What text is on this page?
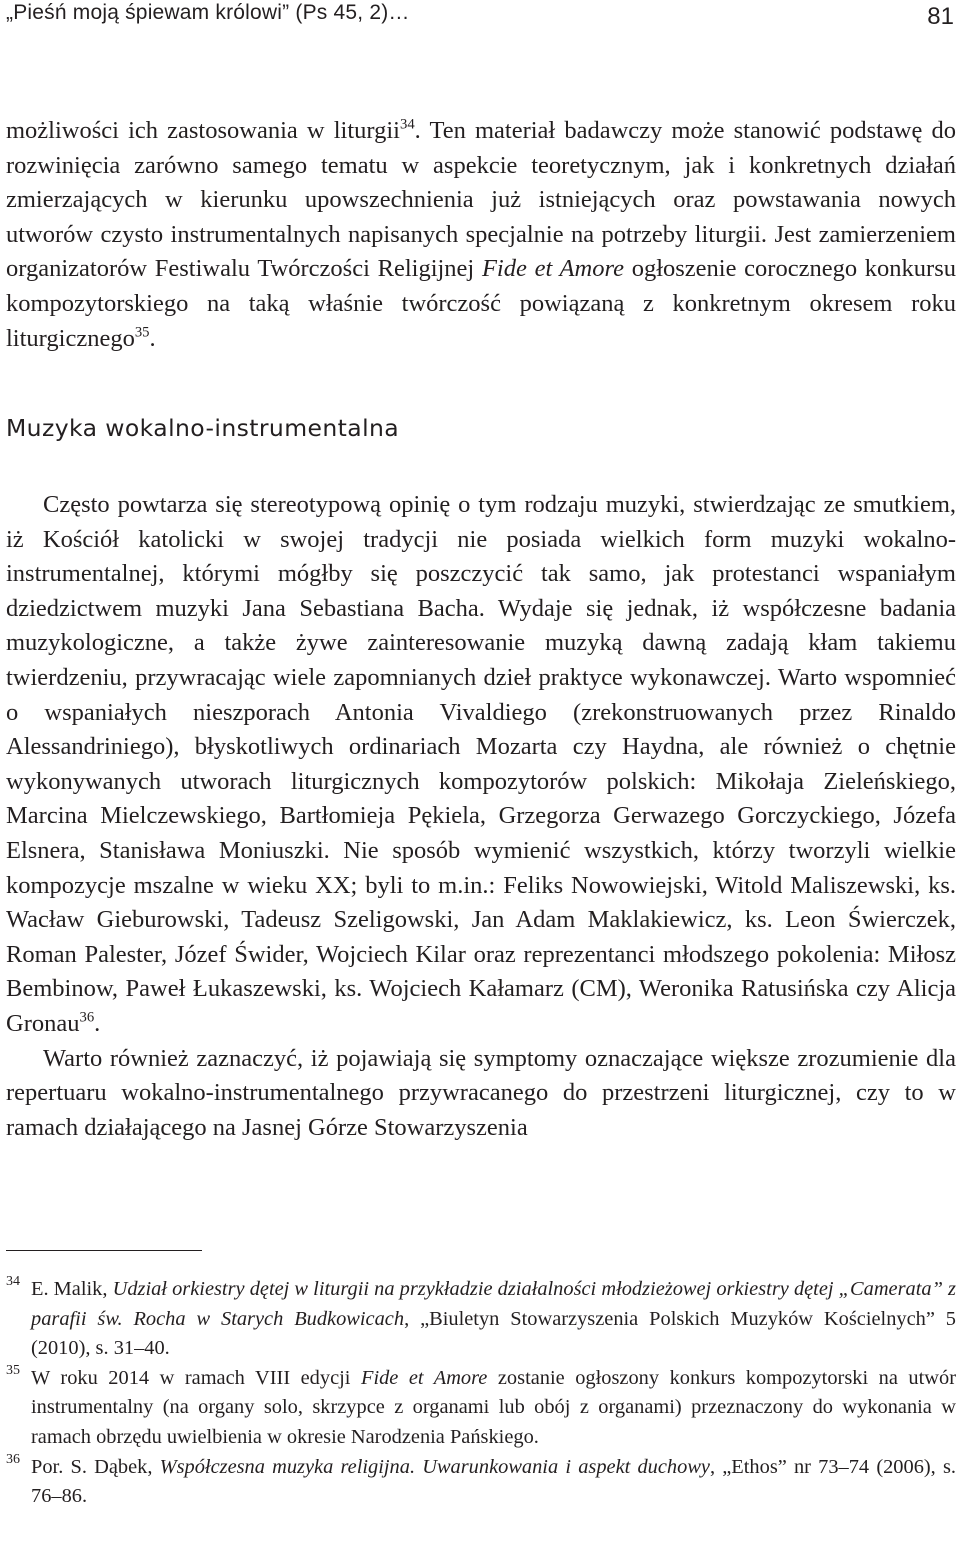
„Pieśń moją śpiewam królowi” (Ps 45, 2)…	81

możliwości ich zastosowania w liturgii$^{34}$. Ten materiał badawczy może stanowić podstawę do rozwinięcia zarówno samego tematu w aspekcie teoretycznym, jak i konkretnych działań zmierzających w kierunku upowszechnienia już istniejących oraz powstawania nowych utworów czysto instrumentalnych napisanych specjalnie na potrzeby liturgii. Jest zamierzeniem organizatorów Festiwalu Twórczości Religijnej Fide et Amore ogłoszenie corocznego konkursu kompozytorskiego na taką właśnie twórczość powiązaną z konkretnym okresem roku liturgicznego$^{35}$.

Muzyka wokalno-instrumentalna

Często powtarza się stereotypową opinię o tym rodzaju muzyki, stwierdzając ze smutkiem, iż Kościół katolicki w swojej tradycji nie posiada wielkich form muzyki wokalno-instrumentalnej, którymi mógłby się poszczycić tak samo, jak protestanci wspaniałym dziedzictwem muzyki Jana Sebastiana Bacha. Wydaje się jednak, iż współczesne badania muzykologiczne, a także żywe zainteresowanie muzyką dawną zadają kłam takiemu twierdzeniu, przywracając wiele zapomnianych dzieł praktyce wykonawczej. Warto wspomnieć o wspaniałych nieszporach Antonia Vivaldiego (zrekonstruowanych przez Rinaldo Alessandriniego), błyskotliwych ordinariach Mozarta czy Haydna, ale również o chętnie wykonywanych utworach liturgicznych kompozytorów polskich: Mikołaja Zieleńskiego, Marcina Mielczewskiego, Bartłomieja Pękiela, Grzegorza Gerwazego Gorczyckiego, Józefa Elsnera, Stanisława Moniuszki. Nie sposób wymienić wszystkich, którzy tworzyli wielkie kompozycje mszalne w wieku XX; byli to m.in.: Feliks Nowowiejski, Witold Maliszewski, ks. Wacław Gieburowski, Tadeusz Szeligowski, Jan Adam Maklakiewicz, ks. Leon Świerczek, Roman Palester, Józef Świder, Wojciech Kilar oraz reprezentanci młodszego pokolenia: Miłosz Bembinow, Paweł Łukaszewski, ks. Wojciech Kałamarz (CM), Weronika Ratusińska czy Alicja Gronau$^{36}$.

Warto również zaznaczyć, iż pojawiają się symptomy oznaczające większe zrozumienie dla repertuaru wokalno-instrumentalnego przywracanego do przestrzeni liturgicznej, czy to w ramach działającego na Jasnej Górze Stowarzyszenia

34 E. Malik, Udział orkiestry dętej w liturgii na przykładzie działalności młodzieżowej orkiestry dętej „Camerata” z parafii św. Rocha w Starych Budkowicach, „Biuletyn Stowarzyszenia Polskich Muzyków Kościelnych” 5 (2010), s. 31–40.
35 W roku 2014 w ramach VIII edycji Fide et Amore zostanie ogłoszony konkurs kompozytorski na utwór instrumentalny (na organy solo, skrzypce z organami lub obój z organami) przeznaczony do wykonania w ramach obrzędu uwielbienia w okresie Narodzenia Pańskiego.
36 Por. S. Dąbek, Współczesna muzyka religijna. Uwarunkowania i aspekt duchowy, „Ethos” nr 73–74 (2006), s. 76–86.
